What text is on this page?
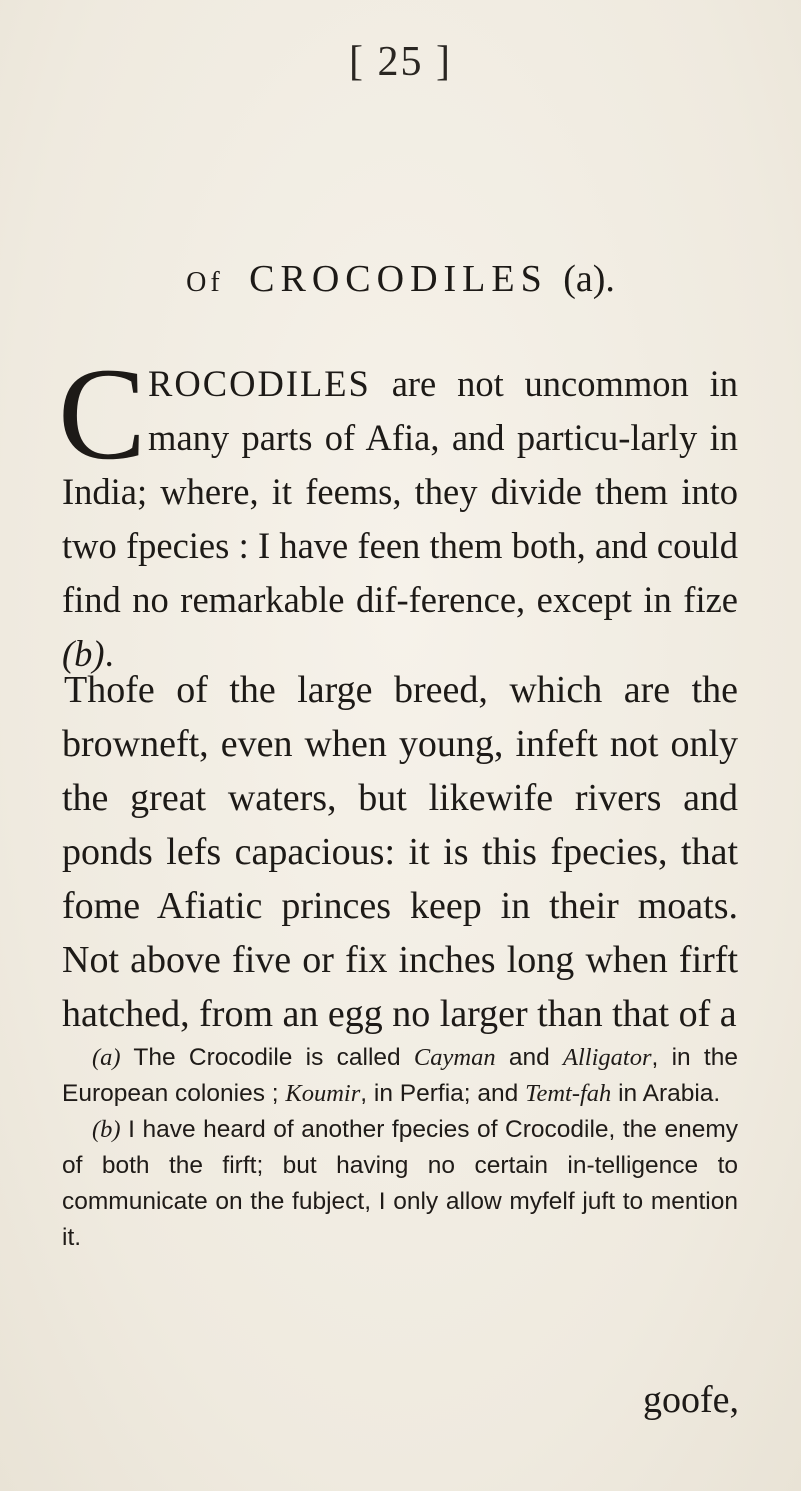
[ 25 ]
Of CROCODILES (a).
CROCODILES are not uncommon in many parts of Afia, and particu-larly in India; where, it feems, they divide them into two fpecies : I have feen them both, and could find no remarkable dif-ference, except in fize (b).
Thofe of the large breed, which are the browneft, even when young, infeft not only the great waters, but likewife rivers and ponds lefs capacious: it is this fpecies, that fome Afiatic princes keep in their moats. Not above five or fix inches long when firft hatched, from an egg no larger than that of a

(a) The Crocodile is called Cayman and Alligator, in the European colonies ; Koumir, in Perfia; and Temt-fah in Arabia.

(b) I have heard of another fpecies of Crocodile, the enemy of both the firft; but having no certain in-telligence to communicate on the fubject, I only allow myfelf juft to mention it.

goofe,
